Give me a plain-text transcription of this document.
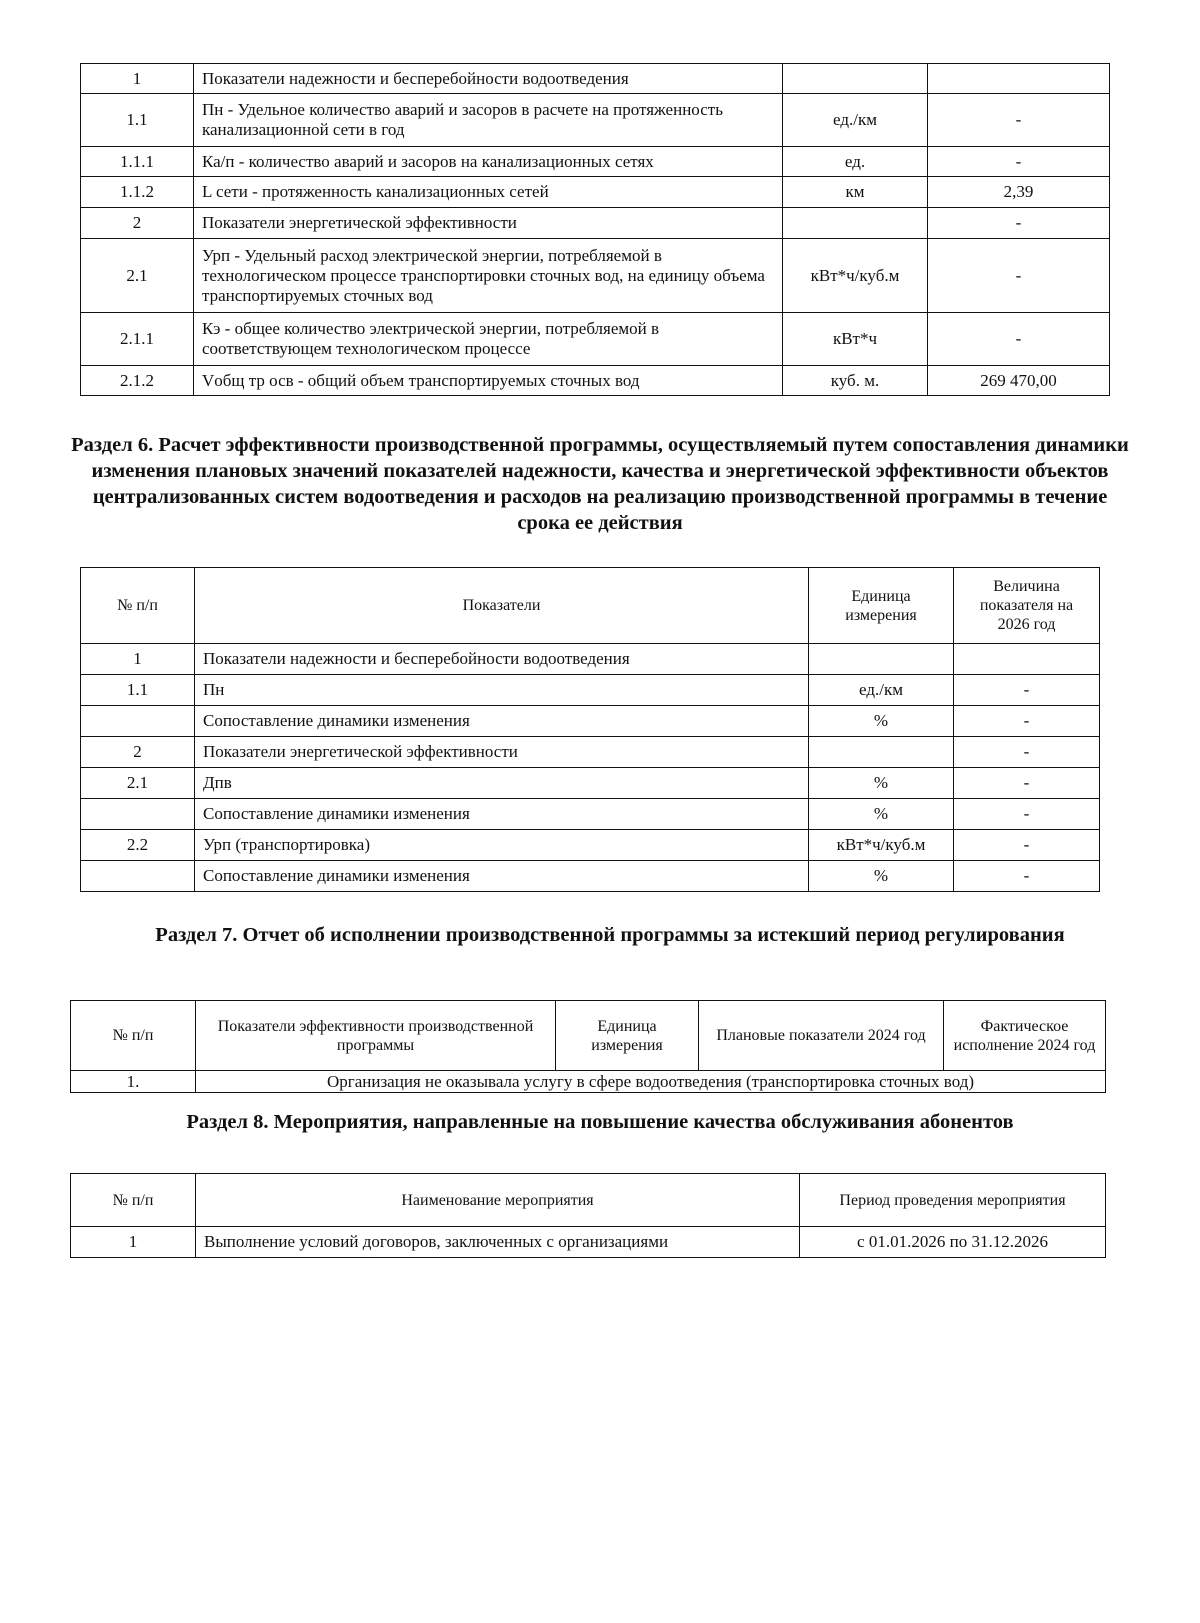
1	Показатели надежности и бесперебойности водоотведения		
1.1	Пн - Удельное количество аварий и засоров в расчете на протяженность канализационной сети в год	ед./км	-
1.1.1	Ка/п - количество аварий и засоров на канализационных сетях	ед.	-
1.1.2	L сети - протяженность канализационных сетей	км	2,39
2	Показатели энергетической эффективности		-
2.1	Урп - Удельный расход электрической энергии, потребляемой в технологическом процессе транспортировки сточных вод, на единицу объема транспортируемых сточных вод	кВт*ч/куб.м	-
2.1.1	Кэ - общее количество электрической энергии, потребляемой в соответствующем технологическом процессе	кВт*ч	-
2.1.2	Vобщ тр осв - общий объем транспортируемых сточных вод	куб. м.	269 470,00
Раздел 6. Расчет эффективности производственной программы, осуществляемый путем сопоставления динамики изменения плановых значений показателей надежности, качества и энергетической эффективности объектов централизованных систем водоотведения и расходов на реализацию производственной программы в течение срока ее действия
№ п/п	Показатели	Единица измерения	Величина показателя на 2026 год
1	Показатели надежности и бесперебойности водоотведения		
1.1	Пн	ед./км	-
	Сопоставление динамики изменения	%	-
2	Показатели энергетической эффективности		-
2.1	Дпв	%	-
	Сопоставление динамики изменения	%	-
2.2	Урп (транспортировка)	кВт*ч/куб.м	-
	Сопоставление динамики изменения	%	-
Раздел 7. Отчет об исполнении производственной программы за истекший период регулирования
№ п/п	Показатели эффективности производственной программы	Единица измерения	Плановые показатели 2024 год	Фактическое исполнение 2024 год
1.	Организация не оказывала услугу в сфере водоотведения (транспортировка сточных вод)			
Раздел 8. Мероприятия, направленные на повышение качества обслуживания абонентов
№ п/п	Наименование мероприятия	Период проведения мероприятия
1	Выполнение условий договоров, заключенных с организациями	с 01.01.2026 по 31.12.2026
